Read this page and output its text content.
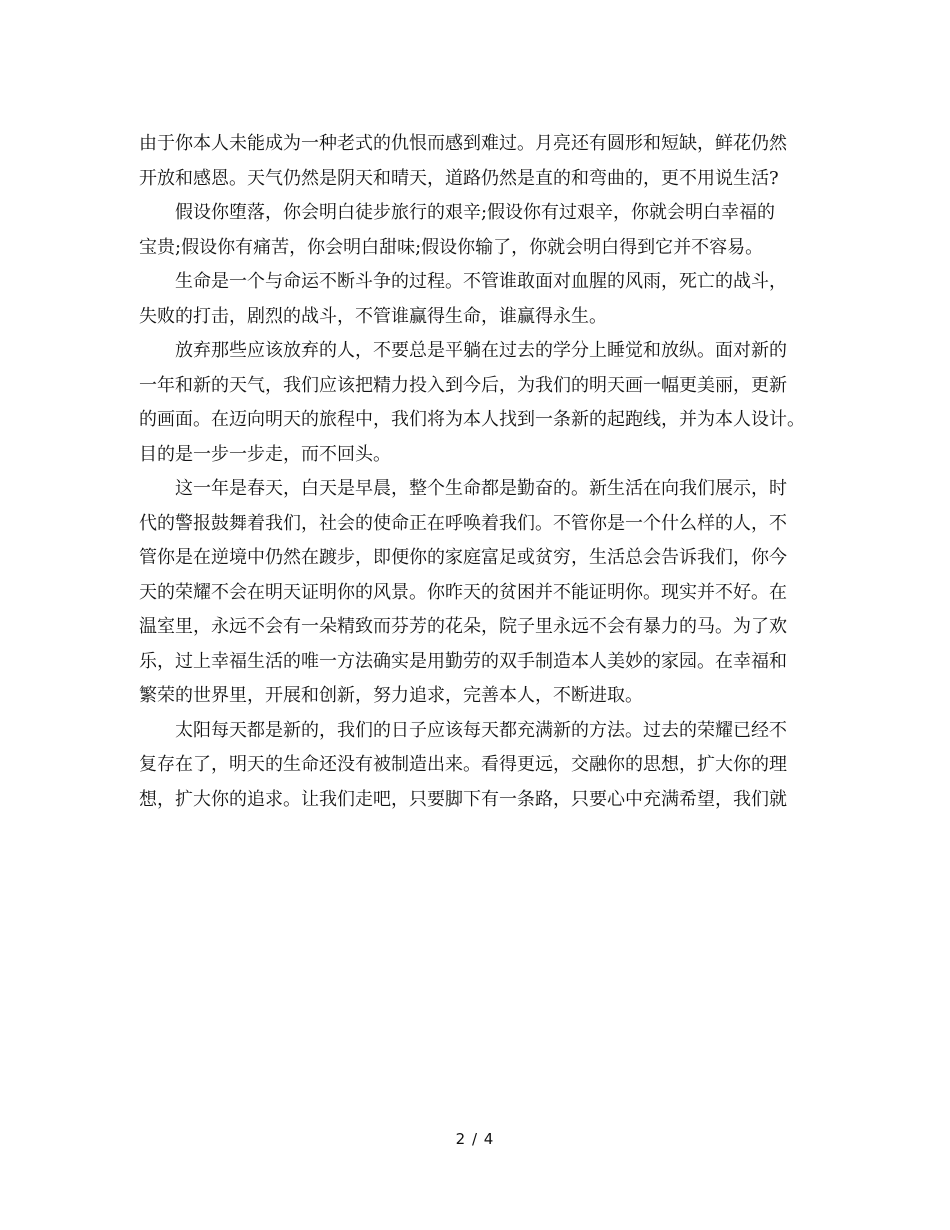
由于你本人未能成为一种老式的仇恨而感到难过。月亮还有圆形和短缺，鲜花仍然

开放和感恩。天气仍然是阴天和晴天，道路仍然是直的和弯曲的，更不用说生活?

　　假设你堕落，你会明白徒步旅行的艰辛;假设你有过艰辛，你就会明白幸福的

宝贵;假设你有痛苦，你会明白甜味;假设你输了，你就会明白得到它并不容易。

　　生命是一个与命运不断斗争的过程。不管谁敢面对血腥的风雨，死亡的战斗，

失败的打击，剧烈的战斗，不管谁赢得生命，谁赢得永生。

　　放弃那些应该放弃的人，不要总是平躺在过去的学分上睡觉和放纵。面对新的

一年和新的天气，我们应该把精力投入到今后，为我们的明天画一幅更美丽，更新

的画面。在迈向明天的旅程中，我们将为本人找到一条新的起跑线，并为本人设计。

目的是一步一步走，而不回头。

　　这一年是春天，白天是早晨，整个生命都是勤奋的。新生活在向我们展示，时

代的警报鼓舞着我们，社会的使命正在呼唤着我们。不管你是一个什么样的人，不

管你是在逆境中仍然在踱步，即便你的家庭富足或贫穷，生活总会告诉我们，你今

天的荣耀不会在明天证明你的风景。你昨天的贫困并不能证明你。现实并不好。在

温室里，永远不会有一朵精致而芬芳的花朵，院子里永远不会有暴力的马。为了欢

乐，过上幸福生活的唯一方法确实是用勤劳的双手制造本人美妙的家园。在幸福和

繁荣的世界里，开展和创新，努力追求，完善本人，不断进取。

　　太阳每天都是新的，我们的日子应该每天都充满新的方法。过去的荣耀已经不

复存在了，明天的生命还没有被制造出来。看得更远，交融你的思想，扩大你的理

想，扩大你的追求。让我们走吧，只要脚下有一条路，只要心中充满希望，我们就

2 / 4
